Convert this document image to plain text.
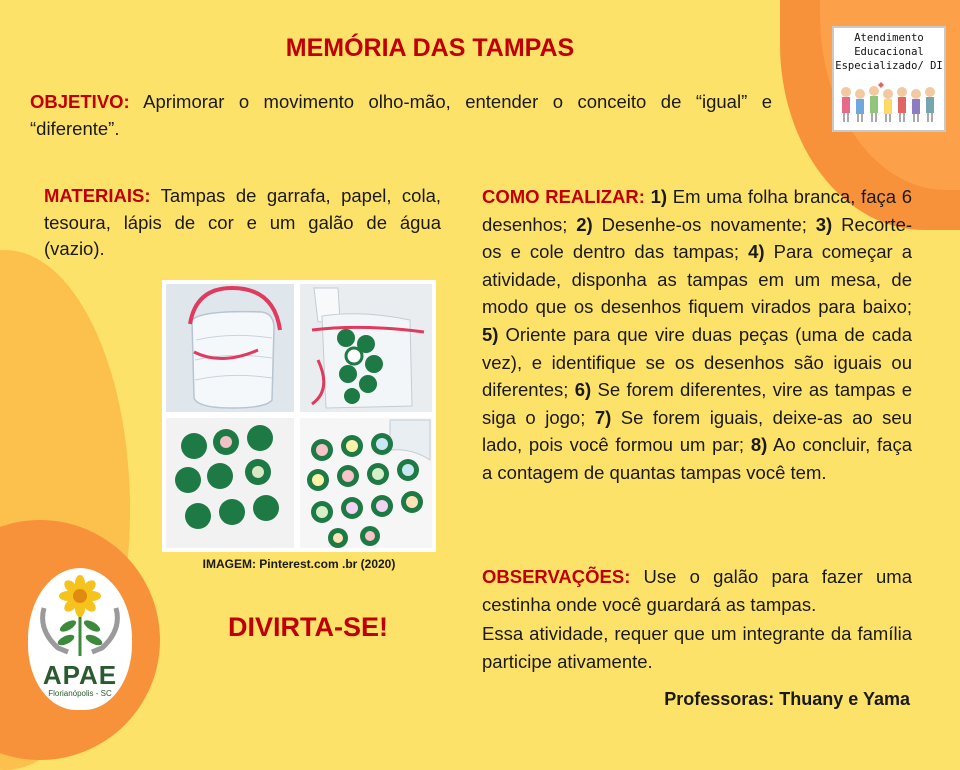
MEMÓRIA DAS TAMPAS

OBJETIVO: Aprimorar o movimento olho-mão, entender o conceito de “igual” e “diferente”.

Atendimento
Educacional
Especializado/ DI

MATERIAIS: Tampas de garrafa, papel, cola, tesoura, lápis de cor e um galão de água (vazio).

IMAGEM: Pinterest.com .br (2020)

COMO REALIZAR: 1) Em uma folha branca, faça 6 desenhos; 2) Desenhe-os novamente; 3) Recorte-os e cole dentro das tampas; 4) Para começar a atividade, disponha as tampas em um mesa, de modo que os desenhos fiquem virados para baixo; 5) Oriente para que vire duas peças (uma de cada vez), e identifique se os desenhos são iguais ou diferentes; 6) Se forem diferentes, vire as tampas e siga o jogo; 7) Se forem iguais, deixe-as ao seu lado, pois você formou um par; 8) Ao concluir, faça a contagem de quantas tampas você tem.

OBSERVAÇÕES: Use o galão para fazer uma cestinha onde você guardará as tampas.

Essa atividade, requer que um integrante da família participe ativamente.

DIVIRTA-SE!

Professoras: Thuany e Yama

APAE
Florianópolis - SC
